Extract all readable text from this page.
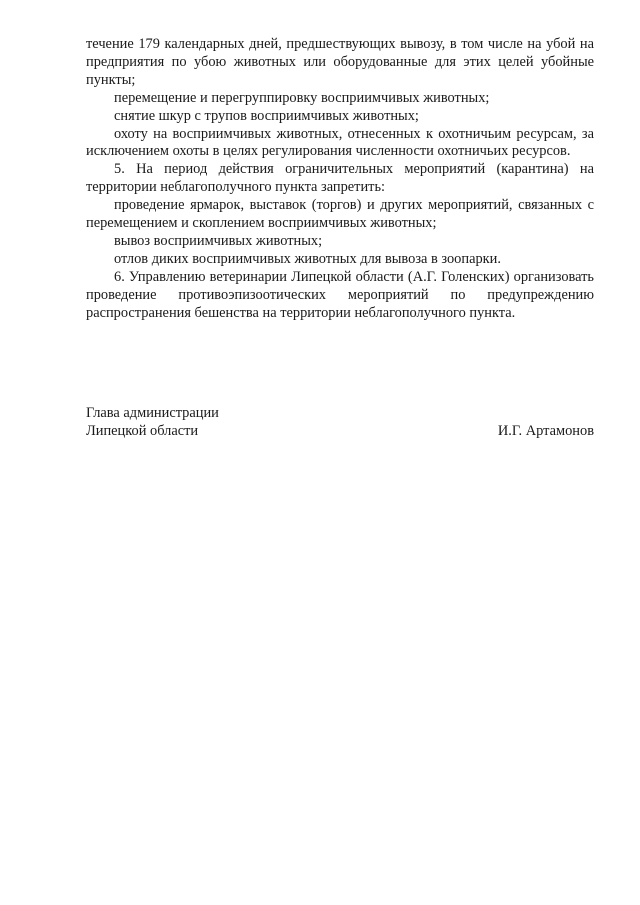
течение 179 календарных дней, предшествующих вывозу, в том числе на убой на предприятия по убою животных или оборудованные для этих целей убойные пункты;

перемещение и перегруппировку восприимчивых животных;

снятие шкур с трупов восприимчивых животных;

охоту на восприимчивых животных, отнесенных к охотничьим ресурсам, за исключением охоты в целях регулирования численности охотничьих ресурсов.

5. На период действия ограничительных мероприятий (карантина) на территории неблагополучного пункта запретить:

проведение ярмарок, выставок (торгов) и других мероприятий, связанных с перемещением и скоплением восприимчивых животных;

вывоз восприимчивых животных;

отлов диких восприимчивых животных для вывоза в зоопарки.

6. Управлению ветеринарии Липецкой области (А.Г. Голенских) организовать проведение противоэпизоотических мероприятий по предупреждению распространения бешенства на территории неблагополучного пункта.

Глава администрации
Липецкой области	И.Г. Артамонов
